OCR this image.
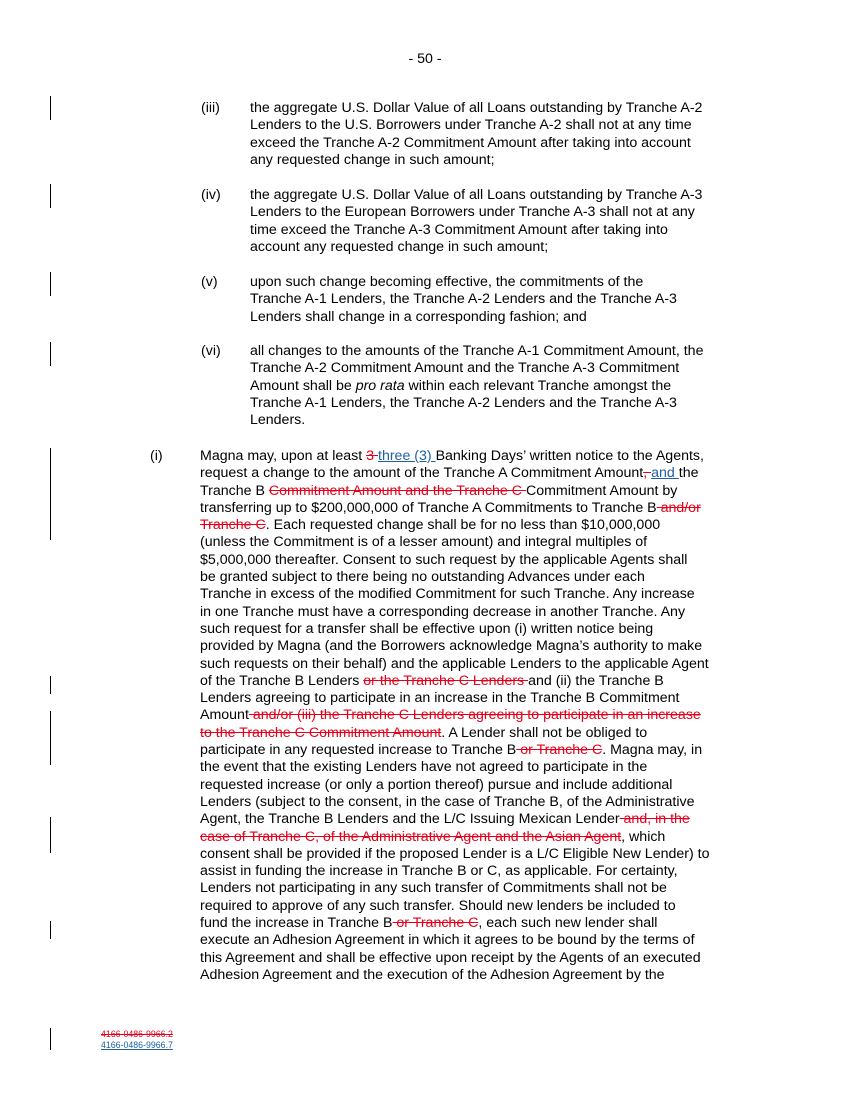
- 50 -
(iii) the aggregate U.S. Dollar Value of all Loans outstanding by Tranche A-2
Lenders to the U.S. Borrowers under Tranche A-2 shall not at any time
exceed the Tranche A-2 Commitment Amount after taking into account
any requested change in such amount;
(iv) the aggregate U.S. Dollar Value of all Loans outstanding by Tranche A-3
Lenders to the European Borrowers under Tranche A-3 shall not at any
time exceed the Tranche A-3 Commitment Amount after taking into
account any requested change in such amount;
(v) upon such change becoming effective, the commitments of the
Tranche A-1 Lenders, the Tranche A-2 Lenders and the Tranche A-3
Lenders shall change in a corresponding fashion; and
(vi) all changes to the amounts of the Tranche A-1 Commitment Amount, the
Tranche A-2 Commitment Amount and the Tranche A-3 Commitment
Amount shall be pro rata within each relevant Tranche amongst the
Tranche A-1 Lenders, the Tranche A-2 Lenders and the Tranche A-3
Lenders.
(i)	Magna may, upon at least 3 three (3) Banking Days’ written notice to the Agents,
request a change to the amount of the Tranche A Commitment Amount, and the
Tranche B Commitment Amount and the Tranche C Commitment Amount by
transferring up to $200,000,000 of Tranche A Commitments to Tranche B and/or
Tranche C. Each requested change shall be for no less than $10,000,000
(unless the Commitment is of a lesser amount) and integral multiples of
$5,000,000 thereafter. Consent to such request by the applicable Agents shall
be granted subject to there being no outstanding Advances under each
Tranche in excess of the modified Commitment for such Tranche. Any increase
in one Tranche must have a corresponding decrease in another Tranche. Any
such request for a transfer shall be effective upon (i) written notice being
provided by Magna (and the Borrowers acknowledge Magna’s authority to make
such requests on their behalf) and the applicable Lenders to the applicable Agent
of the Tranche B Lenders or the Tranche C Lenders and (ii) the Tranche B
Lenders agreeing to participate in an increase in the Tranche B Commitment
Amount and/or (iii) the Tranche C Lenders agreeing to participate in an increase
to the Tranche C Commitment Amount. A Lender shall not be obliged to
participate in any requested increase to Tranche B or Tranche C. Magna may, in
the event that the existing Lenders have not agreed to participate in the
requested increase (or only a portion thereof) pursue and include additional
Lenders (subject to the consent, in the case of Tranche B, of the Administrative
Agent, the Tranche B Lenders and the L/C Issuing Mexican Lender and, in the
case of Tranche C, of the Administrative Agent and the Asian Agent, which
consent shall be provided if the proposed Lender is a L/C Eligible New Lender) to
assist in funding the increase in Tranche B or C, as applicable. For certainty,
Lenders not participating in any such transfer of Commitments shall not be
required to approve of any such transfer. Should new lenders be included to
fund the increase in Tranche B or Tranche C, each such new lender shall
execute an Adhesion Agreement in which it agrees to be bound by the terms of
this Agreement and shall be effective upon receipt by the Agents of an executed
Adhesion Agreement and the execution of the Adhesion Agreement by the
4166-0486-9966.2
4166-0486-9966.7
